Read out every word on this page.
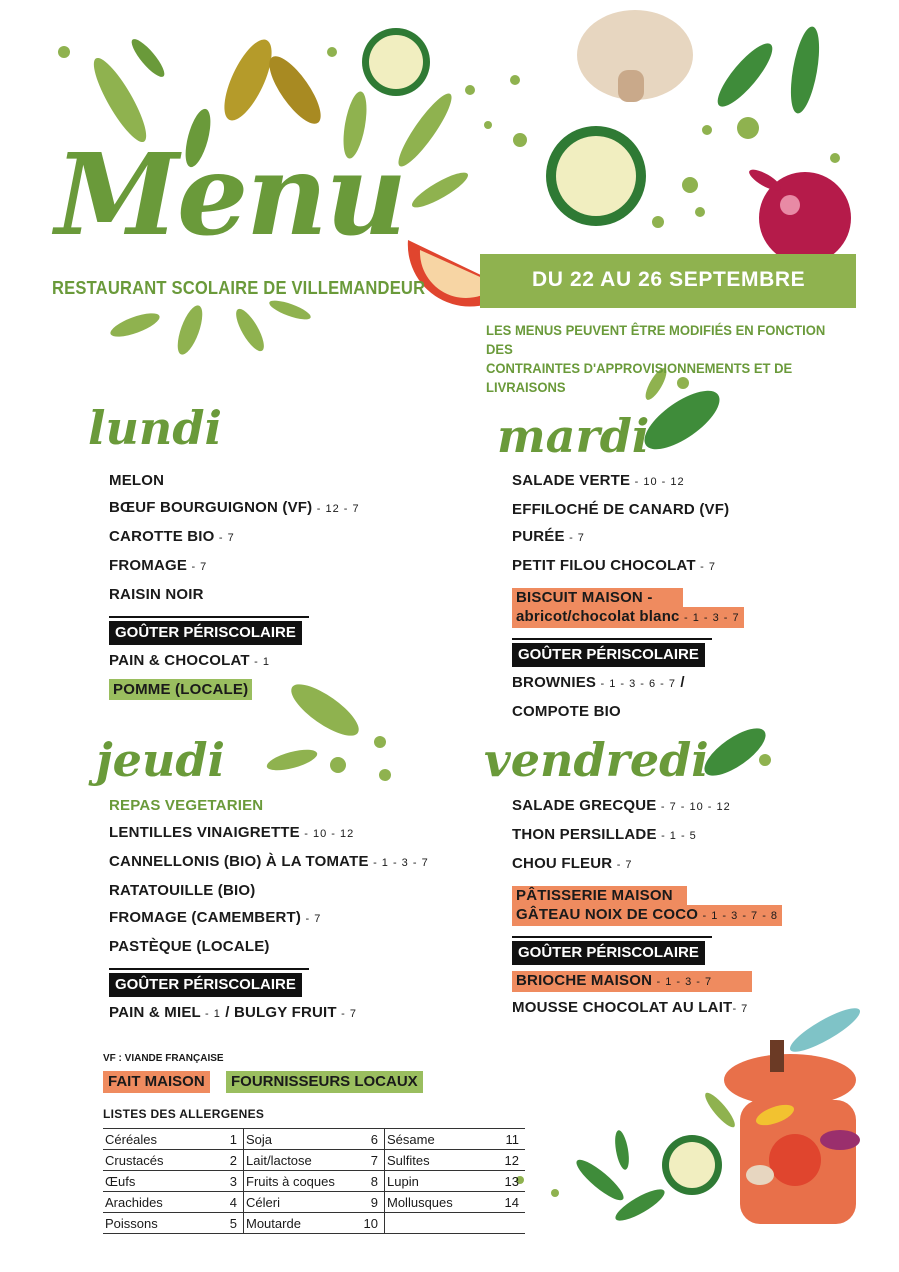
Menu
RESTAURANT SCOLAIRE DE VILLEMANDEUR	DU 22 AU 26 SEPTEMBRE
LES MENUS PEUVENT ÊTRE MODIFIÉS EN FONCTION DES
CONTRAINTES D'APPROVISIONNEMENTS ET DE LIVRAISONS
lundi
MELON
BŒUF BOURGUIGNON (VF) - 12 - 7
CAROTTE BIO - 7
FROMAGE - 7
RAISIN NOIR
GOÛTER PÉRISCOLAIRE
PAIN & CHOCOLAT - 1
POMME (LOCALE)
mardi
SALADE VERTE - 10 - 12
EFFILOCHÉ DE CANARD (VF)
PURÉE - 7
PETIT FILOU CHOCOLAT - 7
BISCUIT MAISON -
abricot/chocolat blanc - 1 - 3 - 7
GOÛTER PÉRISCOLAIRE
BROWNIES - 1 - 3 - 6 - 7 /
COMPOTE BIO
jeudi
REPAS VEGETARIEN
LENTILLES VINAIGRETTE - 10 - 12
CANNELLONIS (BIO) À LA TOMATE - 1 - 3 - 7
RATATOUILLE (BIO)
FROMAGE (CAMEMBERT) - 7
PASTÈQUE (LOCALE)
GOÛTER PÉRISCOLAIRE
PAIN & MIEL - 1 / BULGY FRUIT - 7
vendredi
SALADE GRECQUE - 7 - 10 - 12
THON PERSILLADE - 1 - 5
CHOU FLEUR - 7
PÂTISSERIE MAISON
GÂTEAU NOIX DE COCO - 1 - 3 - 7 - 8
GOÛTER PÉRISCOLAIRE
BRIOCHE MAISON - 1 - 3 - 7
MOUSSE CHOCOLAT AU LAIT- 7
VF : VIANDE FRANÇAISE
FAIT MAISON	FOURNISSEURS LOCAUX
LISTES DES ALLERGENES
Céréales	1	Soja	6	Sésame	11
Crustacés	2	Lait/lactose	7	Sulfites	12
Œufs	3	Fruits à coques	8	Lupin	13
Arachides	4	Céleri	9	Mollusques	14
Poissons	5	Moutarde	10		
